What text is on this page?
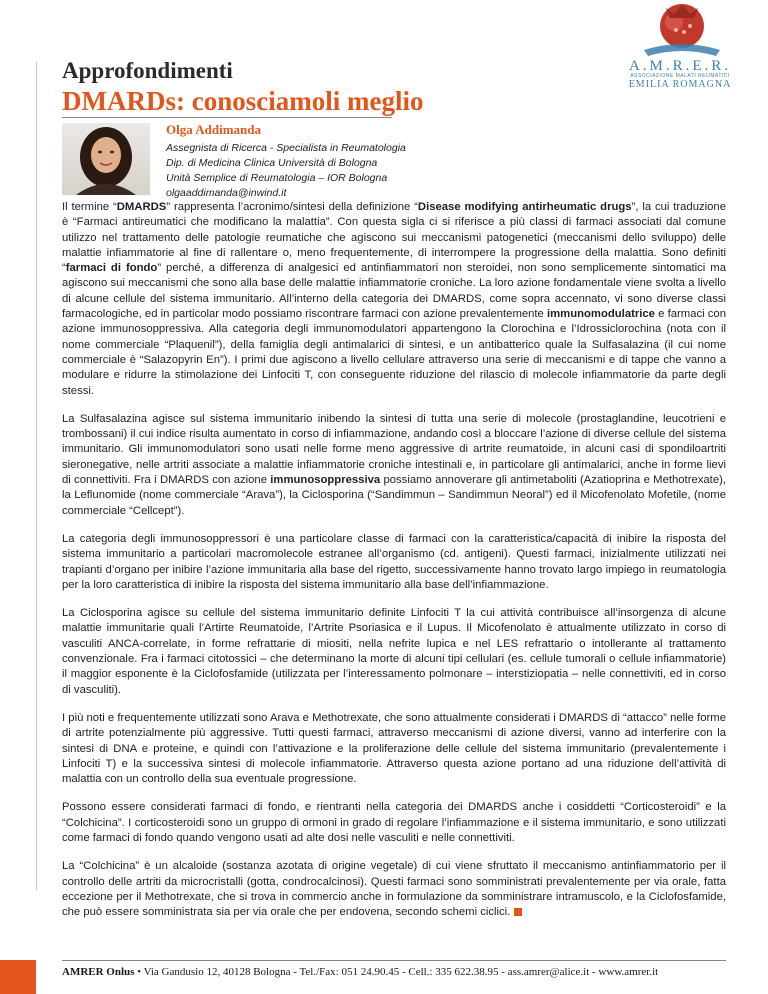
A.M.R.E.R.
ASSOCIAZIONE MALATI REUMATICI
EMILIA ROMAGNA
Approfondimenti
DMARDs: conosciamoli meglio
Olga Addimanda
Assegnista di Ricerca - Specialista in Reumatologia
Dip. di Medicina Clinica Università di Bologna
Unità Semplice di Reumatologia – IOR Bologna
olgaaddimanda@inwind.it

Il termine “DMARDS” rappresenta l’acronimo/sintesi della definizione “Disease modifying antirheumatic drugs”, la cui traduzione è “Farmaci antireumatici che modificano la malattia”. Con questa sigla ci si riferisce a più classi di farmaci associati dal comune utilizzo nel trattamento delle patologie reumatiche che agiscono sui meccanismi patogenetici (meccanismi dello sviluppo) delle malattie infiammatorie al fine di rallentare o, meno frequentemente, di interrompere la progressione della malattia. Sono definiti “farmaci di fondo” perché, a differenza di analgesici ed antinfiammatori non steroidei, non sono semplicemente sintomatici ma agiscono sui meccanismi che sono alla base delle malattie infiammatorie croniche. La loro azione fondamentale viene svolta a livello di alcune cellule del sistema immunitario. All’interno della categoria dei DMARDS, come sopra accennato, vi sono diverse classi farmacologiche, ed in particolar modo possiamo riscontrare farmaci con azione prevalentemente immunomodulatrice e farmaci con azione immunosoppressiva. Alla categoria degli immunomodulatori appartengono la Clorochina e l’Idrossiclorochina (nota con il nome commerciale “Plaquenil”), della famiglia degli antimalarici di sintesi, e un antibatterico quale la Sulfasalazina (il cui nome commerciale è “Salazopyrin En”). I primi due agiscono a livello cellulare attraverso una serie di meccanismi e di tappe che vanno a modulare e ridurre la stimolazione dei Linfociti T, con conseguente riduzione del rilascio di molecole infiammatorie da parte degli stessi.

La Sulfasalazina agisce sul sistema immunitario inibendo la sintesi di tutta una serie di molecole (prostaglandine, leucotrieni e trombossani) il cui indice risulta aumentato in corso di infiammazione, andando così a bloccare l’azione di diverse cellule del sistema immunitario. Gli immunomodulatori sono usati nelle forme meno aggressive di artrite reumatoide, in alcuni casi di spondiloartriti sieronegative, nelle artriti associate a malattie infiammatorie croniche intestinali e, in particolare gli antimalarici, anche in forme lievi di connettiviti. Fra i DMARDS con azione immunosoppressiva possiamo annoverare gli antimetaboliti (Azatioprina e Methotrexate), la Leflunomide (nome commerciale “Arava”), la Ciclosporina (“Sandimmun – Sandimmun Neoral”) ed il Micofenolato Mofetile, (nome commerciale “Cellcept”).

La categoria degli immunosoppressori è una particolare classe di farmaci con la caratteristica/capacità di inibire la risposta del sistema immunitario a particolari macromolecole estranee all’organismo (cd. antigeni). Questi farmaci, inizialmente utilizzati nei trapianti d’organo per inibire l’azione immunitaria alla base del rigetto, successivamente hanno trovato largo impiego in reumatologia per la loro caratteristica di inibire la risposta del sistema immunitario alla base dell’infiammazione.

La Ciclosporina agisce su cellule del sistema immunitario definite Linfociti T la cui attività contribuisce all’insorgenza di alcune malattie immunitarie quali l’Artirte Reumatoide, l’Artrite Psoriasica e il Lupus. Il Micofenolato è attualmente utilizzato in corso di vasculiti ANCA-correlate, in forme refrattarie di miositi, nella nefrite lupica e nel LES refrattario o intollerante al trattamento convenzionale. Fra i farmaci citotossici – che determinano la morte di alcuni tipi cellulari (es. cellule tumorali o cellule infiammatorie) il maggior esponente è la Ciclofosfamide (utilizzata per l’interessamento polmonare – interstiziopatia – nelle connettiviti, ed in corso di vasculiti).

I più noti e frequentemente utilizzati sono Arava e Methotrexate, che sono attualmente considerati i DMARDS di “attacco” nelle forme di artrite potenzialmente più aggressive. Tutti questi farmaci, attraverso meccanismi di azione diversi, vanno ad interferire con la sintesi di DNA e proteine, e quindi con l’attivazione e la proliferazione delle cellule del sistema immunitario (prevalentemente i Linfociti T) e la successiva sintesi di molecole infiammatorie. Attraverso questa azione portano ad una riduzione dell’attività di malattia con un controllo della sua eventuale progressione.

Possono essere considerati farmaci di fondo, e rientranti nella categoria dei DMARDS anche i cosiddetti “Corticosteroidi” e la “Colchicina”. I corticosteroidi sono un gruppo di ormoni in grado di regolare l’infiammazione e il sistema immunitario, e sono utilizzati come farmaci di fondo quando vengono usati ad alte dosi nelle vasculiti e nelle connettiviti.

La “Colchicina” è un alcaloide (sostanza azotata di origine vegetale) di cui viene sfruttato il meccanismo antinfiammatorio per il controllo delle artriti da microcristalli (gotta, condrocalcinosi). Questi farmaci sono somministrati prevalentemente per via orale, fatta eccezione per il Methotrexate, che si trova in commercio anche in formulazione da somministrare intramuscolo, e la Ciclofosfamide, che può essere somministrata sia per via orale che per endovena, secondo schemi ciclici.

AMRER Onlus • Via Gandusio 12, 40128 Bologna - Tel./Fax: 051 24.90.45 - Cell.: 335 622.38.95 - ass.amrer@alice.it - www.amrer.it
